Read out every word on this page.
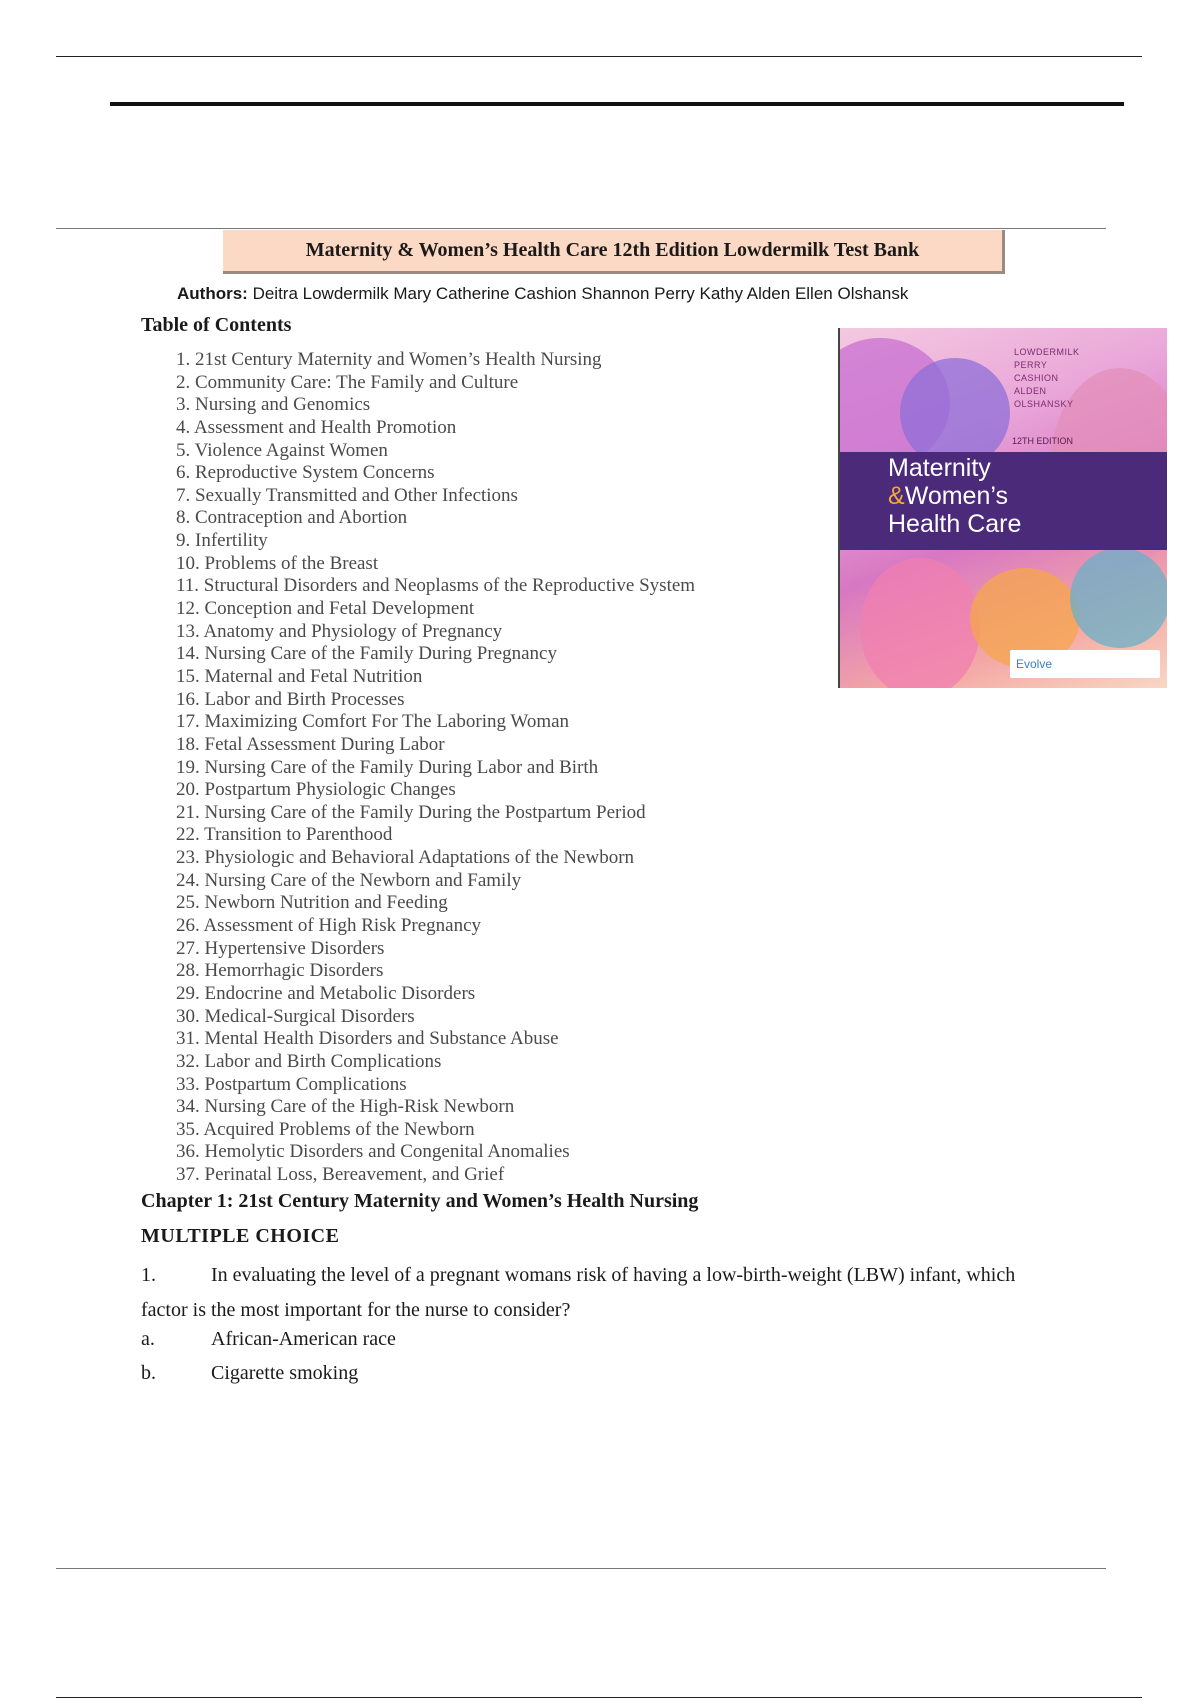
Maternity & Women’s Health Care 12th Edition Lowdermilk Test Bank
Authors: Deitra Lowdermilk Mary Catherine Cashion Shannon Perry Kathy Alden Ellen Olshansk
Table of Contents
1. 21st Century Maternity and Women’s Health Nursing
2. Community Care: The Family and Culture
3. Nursing and Genomics
4. Assessment and Health Promotion
5. Violence Against Women
6. Reproductive System Concerns
7. Sexually Transmitted and Other Infections
8. Contraception and Abortion
9. Infertility
10. Problems of the Breast
11. Structural Disorders and Neoplasms of the Reproductive System
12. Conception and Fetal Development
13. Anatomy and Physiology of Pregnancy
14. Nursing Care of the Family During Pregnancy
15. Maternal and Fetal Nutrition
16. Labor and Birth Processes
17. Maximizing Comfort For The Laboring Woman
18. Fetal Assessment During Labor
19. Nursing Care of the Family During Labor and Birth
20. Postpartum Physiologic Changes
21. Nursing Care of the Family During the Postpartum Period
22. Transition to Parenthood
23. Physiologic and Behavioral Adaptations of the Newborn
24. Nursing Care of the Newborn and Family
25. Newborn Nutrition and Feeding
26. Assessment of High Risk Pregnancy
27. Hypertensive Disorders
28. Hemorrhagic Disorders
29. Endocrine and Metabolic Disorders
30. Medical-Surgical Disorders
31. Mental Health Disorders and Substance Abuse
32. Labor and Birth Complications
33. Postpartum Complications
34. Nursing Care of the High-Risk Newborn
35. Acquired Problems of the Newborn
36. Hemolytic Disorders and Congenital Anomalies
37. Perinatal Loss, Bereavement, and Grief
LOWDERMILK
PERRY
CASHION
ALDEN
OLSHANSKY
12TH EDITION
Maternity
&Women’s
Health Care
Evolve
Chapter 1: 21st Century Maternity and Women’s Health Nursing
MULTIPLE CHOICE
1.	In evaluating the level of a pregnant womans risk of having a low-birth-weight (LBW) infant, which factor is the most important for the nurse to consider?
a.	African-American race
b.	Cigarette smoking
